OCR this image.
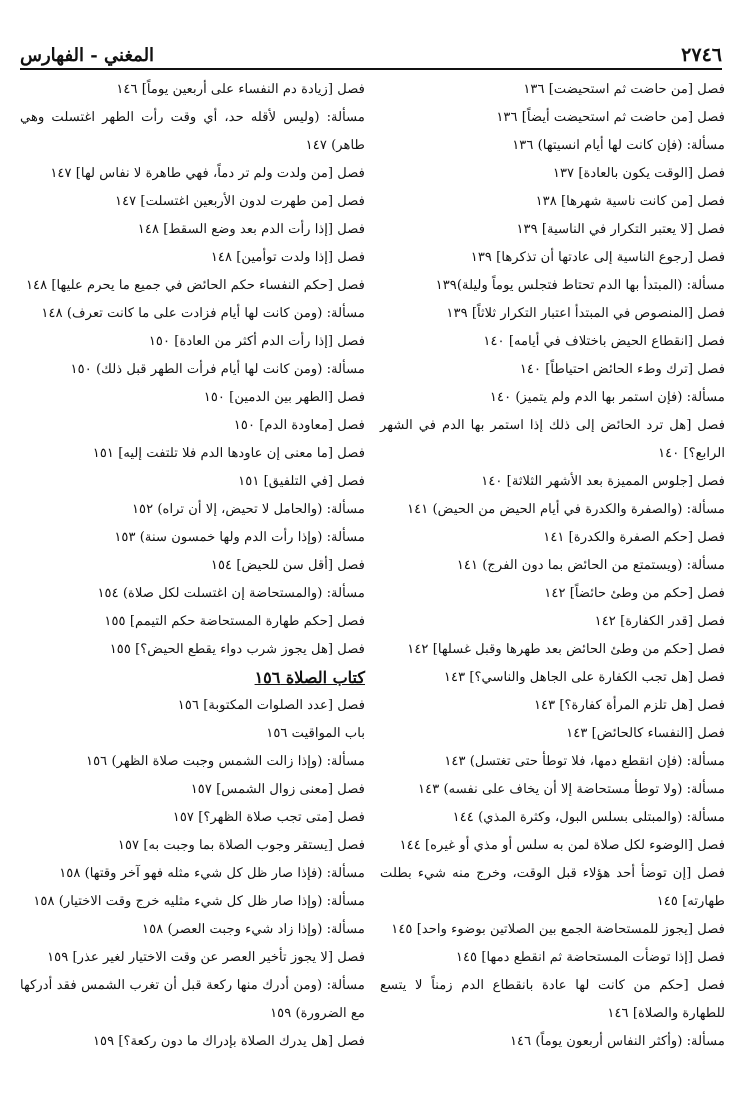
٢٧٤٦
المغني - الفهارس

فصل [من حاضت ثم استحيضت] ١٣٦

فصل [من حاضت ثم استحيضت أيضاً] ١٣٦

مسألة: (فإن كانت لها أيام انسيتها) ١٣٦

فصل [الوقت يكون بالعادة] ١٣٧

فصل [من كانت ناسية شهرها] ١٣٨

فصل [لا يعتبر التكرار في الناسية] ١٣٩

فصل [رجوع الناسية إلى عادتها أن تذكرها] ١٣٩

مسألة: (المبتدأ بها الدم تحتاط فتجلس يوماً وليلة)١٣٩

فصل [المنصوص في المبتدأ اعتبار التكرار ثلاثاً] ١٣٩

فصل [انقطاع الحيض باختلاف في أيامه] ١٤٠

فصل [ترك وطء الحائض احتياطاً] ١٤٠

مسألة: (فإن استمر بها الدم ولم يتميز) ١٤٠

فصل [هل ترد الحائض إلى ذلك إذا استمر بها الدم في الشهر الرابع؟] ١٤٠

فصل [جلوس المميزة بعد الأشهر الثلاثة] ١٤٠

مسألة: (والصفرة والكدرة في أيام الحيض من الحيض) ١٤١

فصل [حكم الصفرة والكدرة] ١٤١

مسألة: (ويستمتع من الحائض بما دون الفرج) ١٤١

فصل [حكم من وطئ حائضاً] ١٤٢

فصل [قدر الكفارة] ١٤٢

فصل [حكم من وطئ الحائض بعد طهرها وقبل غسلها] ١٤٢

فصل [هل تجب الكفارة على الجاهل والناسي؟] ١٤٣

فصل [هل تلزم المرأة كفارة؟] ١٤٣

فصل [النفساء كالحائض] ١٤٣

مسألة: (فإن انقطع دمها، فلا توطأ حتى تغتسل) ١٤٣

مسألة: (ولا توطأ مستحاضة إلا أن يخاف على نفسه) ١٤٣

مسألة: (والمبتلى بسلس البول، وكثرة المذي) ١٤٤

فصل [الوضوء لكل صلاة لمن به سلس أو مذي أو غيره] ١٤٤

فصل [إن توضأ أحد هؤلاء قبل الوقت، وخرج منه شيء بطلت طهارته] ١٤٥

فصل [يجوز للمستحاضة الجمع بين الصلاتين بوضوء واحد] ١٤٥

فصل [إذا توضأت المستحاضة ثم انقطع دمها] ١٤٥

فصل [حكم من كانت لها عادة بانقطاع الدم زمناً لا يتسع للطهارة والصلاة] ١٤٦

مسألة: (وأكثر النفاس أربعون يوماً) ١٤٦

فصل [زيادة دم النفساء على أربعين يوماً] ١٤٦

مسألة: (وليس لأقله حد، أي وقت رأت الطهر اغتسلت وهي طاهر) ١٤٧

فصل [من ولدت ولم تر دماً، فهي طاهرة لا نفاس لها] ١٤٧

فصل [من طهرت لدون الأربعين اغتسلت] ١٤٧

فصل [إذا رأت الدم بعد وضع السقط] ١٤٨

فصل [إذا ولدت توأمين] ١٤٨

فصل [حكم النفساء حكم الحائض في جميع ما يحرم عليها] ١٤٨

مسألة: (ومن كانت لها أيام فزادت على ما كانت تعرف) ١٤٨

فصل [إذا رأت الدم أكثر من العادة] ١٥٠

مسألة: (ومن كانت لها أيام فرأت الطهر قبل ذلك) ١٥٠

فصل [الطهر بين الدمين] ١٥٠

فصل [معاودة الدم] ١٥٠

فصل [ما معنى إن عاودها الدم فلا تلتفت إليه] ١٥١

فصل [في التلفيق] ١٥١

مسألة: (والحامل لا تحيض، إلا أن تراه) ١٥٢

مسألة: (وإذا رأت الدم ولها خمسون سنة) ١٥٣

فصل [أقل سن للحيض] ١٥٤

مسألة: (والمستحاضة إن اغتسلت لكل صلاة) ١٥٤

فصل [حكم طهارة المستحاضة حكم التيمم] ١٥٥

فصل [هل يجوز شرب دواء يقطع الحيض؟] ١٥٥

كتاب الصلاة ١٥٦

فصل [عدد الصلوات المكتوبة] ١٥٦

باب المواقيت ١٥٦

مسألة: (وإذا زالت الشمس وجبت صلاة الظهر) ١٥٦

فصل [معنى زوال الشمس] ١٥٧

فصل [متى تجب صلاة الظهر؟] ١٥٧

فصل [يستقر وجوب الصلاة بما وجبت به] ١٥٧

مسألة: (فإذا صار ظل كل شيء مثله فهو آخر وقتها) ١٥٨

مسألة: (وإذا صار ظل كل شيء مثليه خرج وقت الاختيار) ١٥٨

مسألة: (وإذا زاد شيء وجبت العصر) ١٥٨

فصل [لا يجوز تأخير العصر عن وقت الاختيار لغير عذر] ١٥٩

مسألة: (ومن أدرك منها ركعة قبل أن تغرب الشمس فقد أدركها مع الضرورة) ١٥٩

فصل [هل يدرك الصلاة بإدراك ما دون ركعة؟] ١٥٩
